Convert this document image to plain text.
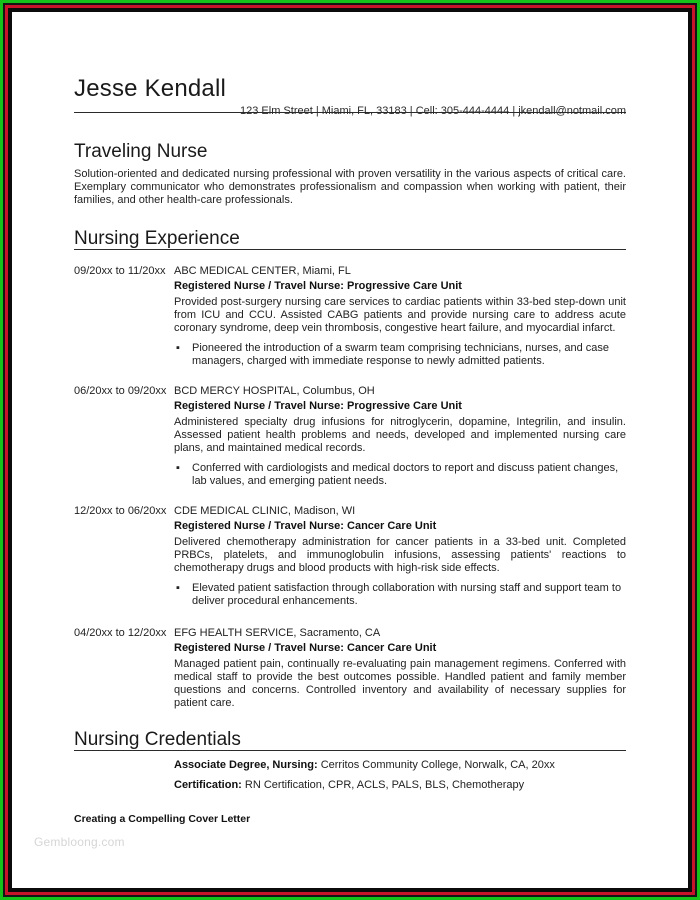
Jesse Kendall
123 Elm Street | Miami, FL, 33183 | Cell: 305-444-4444 | jkendall@notmail.com
Traveling Nurse
Solution-oriented and dedicated nursing professional with proven versatility in the various aspects of critical care. Exemplary communicator who demonstrates professionalism and compassion when working with patient, their families, and other health-care professionals.
Nursing Experience
09/20xx to 11/20xx ABC MEDICAL CENTER, Miami, FL
Registered Nurse / Travel Nurse: Progressive Care Unit
Provided post-surgery nursing care services to cardiac patients within 33-bed step-down unit from ICU and CCU. Assisted CABG patients and provide nursing care to address acute coronary syndrome, deep vein thrombosis, congestive heart failure, and myocardial infarct.
▪ Pioneered the introduction of a swarm team comprising technicians, nurses, and case managers, charged with immediate response to newly admitted patients.
06/20xx to 09/20xx BCD MERCY HOSPITAL, Columbus, OH
Registered Nurse / Travel Nurse: Progressive Care Unit
Administered specialty drug infusions for nitroglycerin, dopamine, Integrilin, and insulin. Assessed patient health problems and needs, developed and implemented nursing care plans, and maintained medical records.
▪ Conferred with cardiologists and medical doctors to report and discuss patient changes, lab values, and emerging patient needs.
12/20xx to 06/20xx CDE MEDICAL CLINIC, Madison, WI
Registered Nurse / Travel Nurse: Cancer Care Unit
Delivered chemotherapy administration for cancer patients in a 33-bed unit. Completed PRBCs, platelets, and immunoglobulin infusions, assessing patients' reactions to chemotherapy drugs and blood products with high-risk side effects.
▪ Elevated patient satisfaction through collaboration with nursing staff and support team to deliver procedural enhancements.
04/20xx to 12/20xx EFG HEALTH SERVICE, Sacramento, CA
Registered Nurse / Travel Nurse: Cancer Care Unit
Managed patient pain, continually re-evaluating pain management regimens. Conferred with medical staff to provide the best outcomes possible. Handled patient and family member questions and concerns. Controlled inventory and availability of necessary supplies for patient care.
Nursing Credentials
Associate Degree, Nursing: Cerritos Community College, Norwalk, CA, 20xx
Certification: RN Certification, CPR, ACLS, PALS, BLS, Chemotherapy
Creating a Compelling Cover Letter
Gembloong.com
